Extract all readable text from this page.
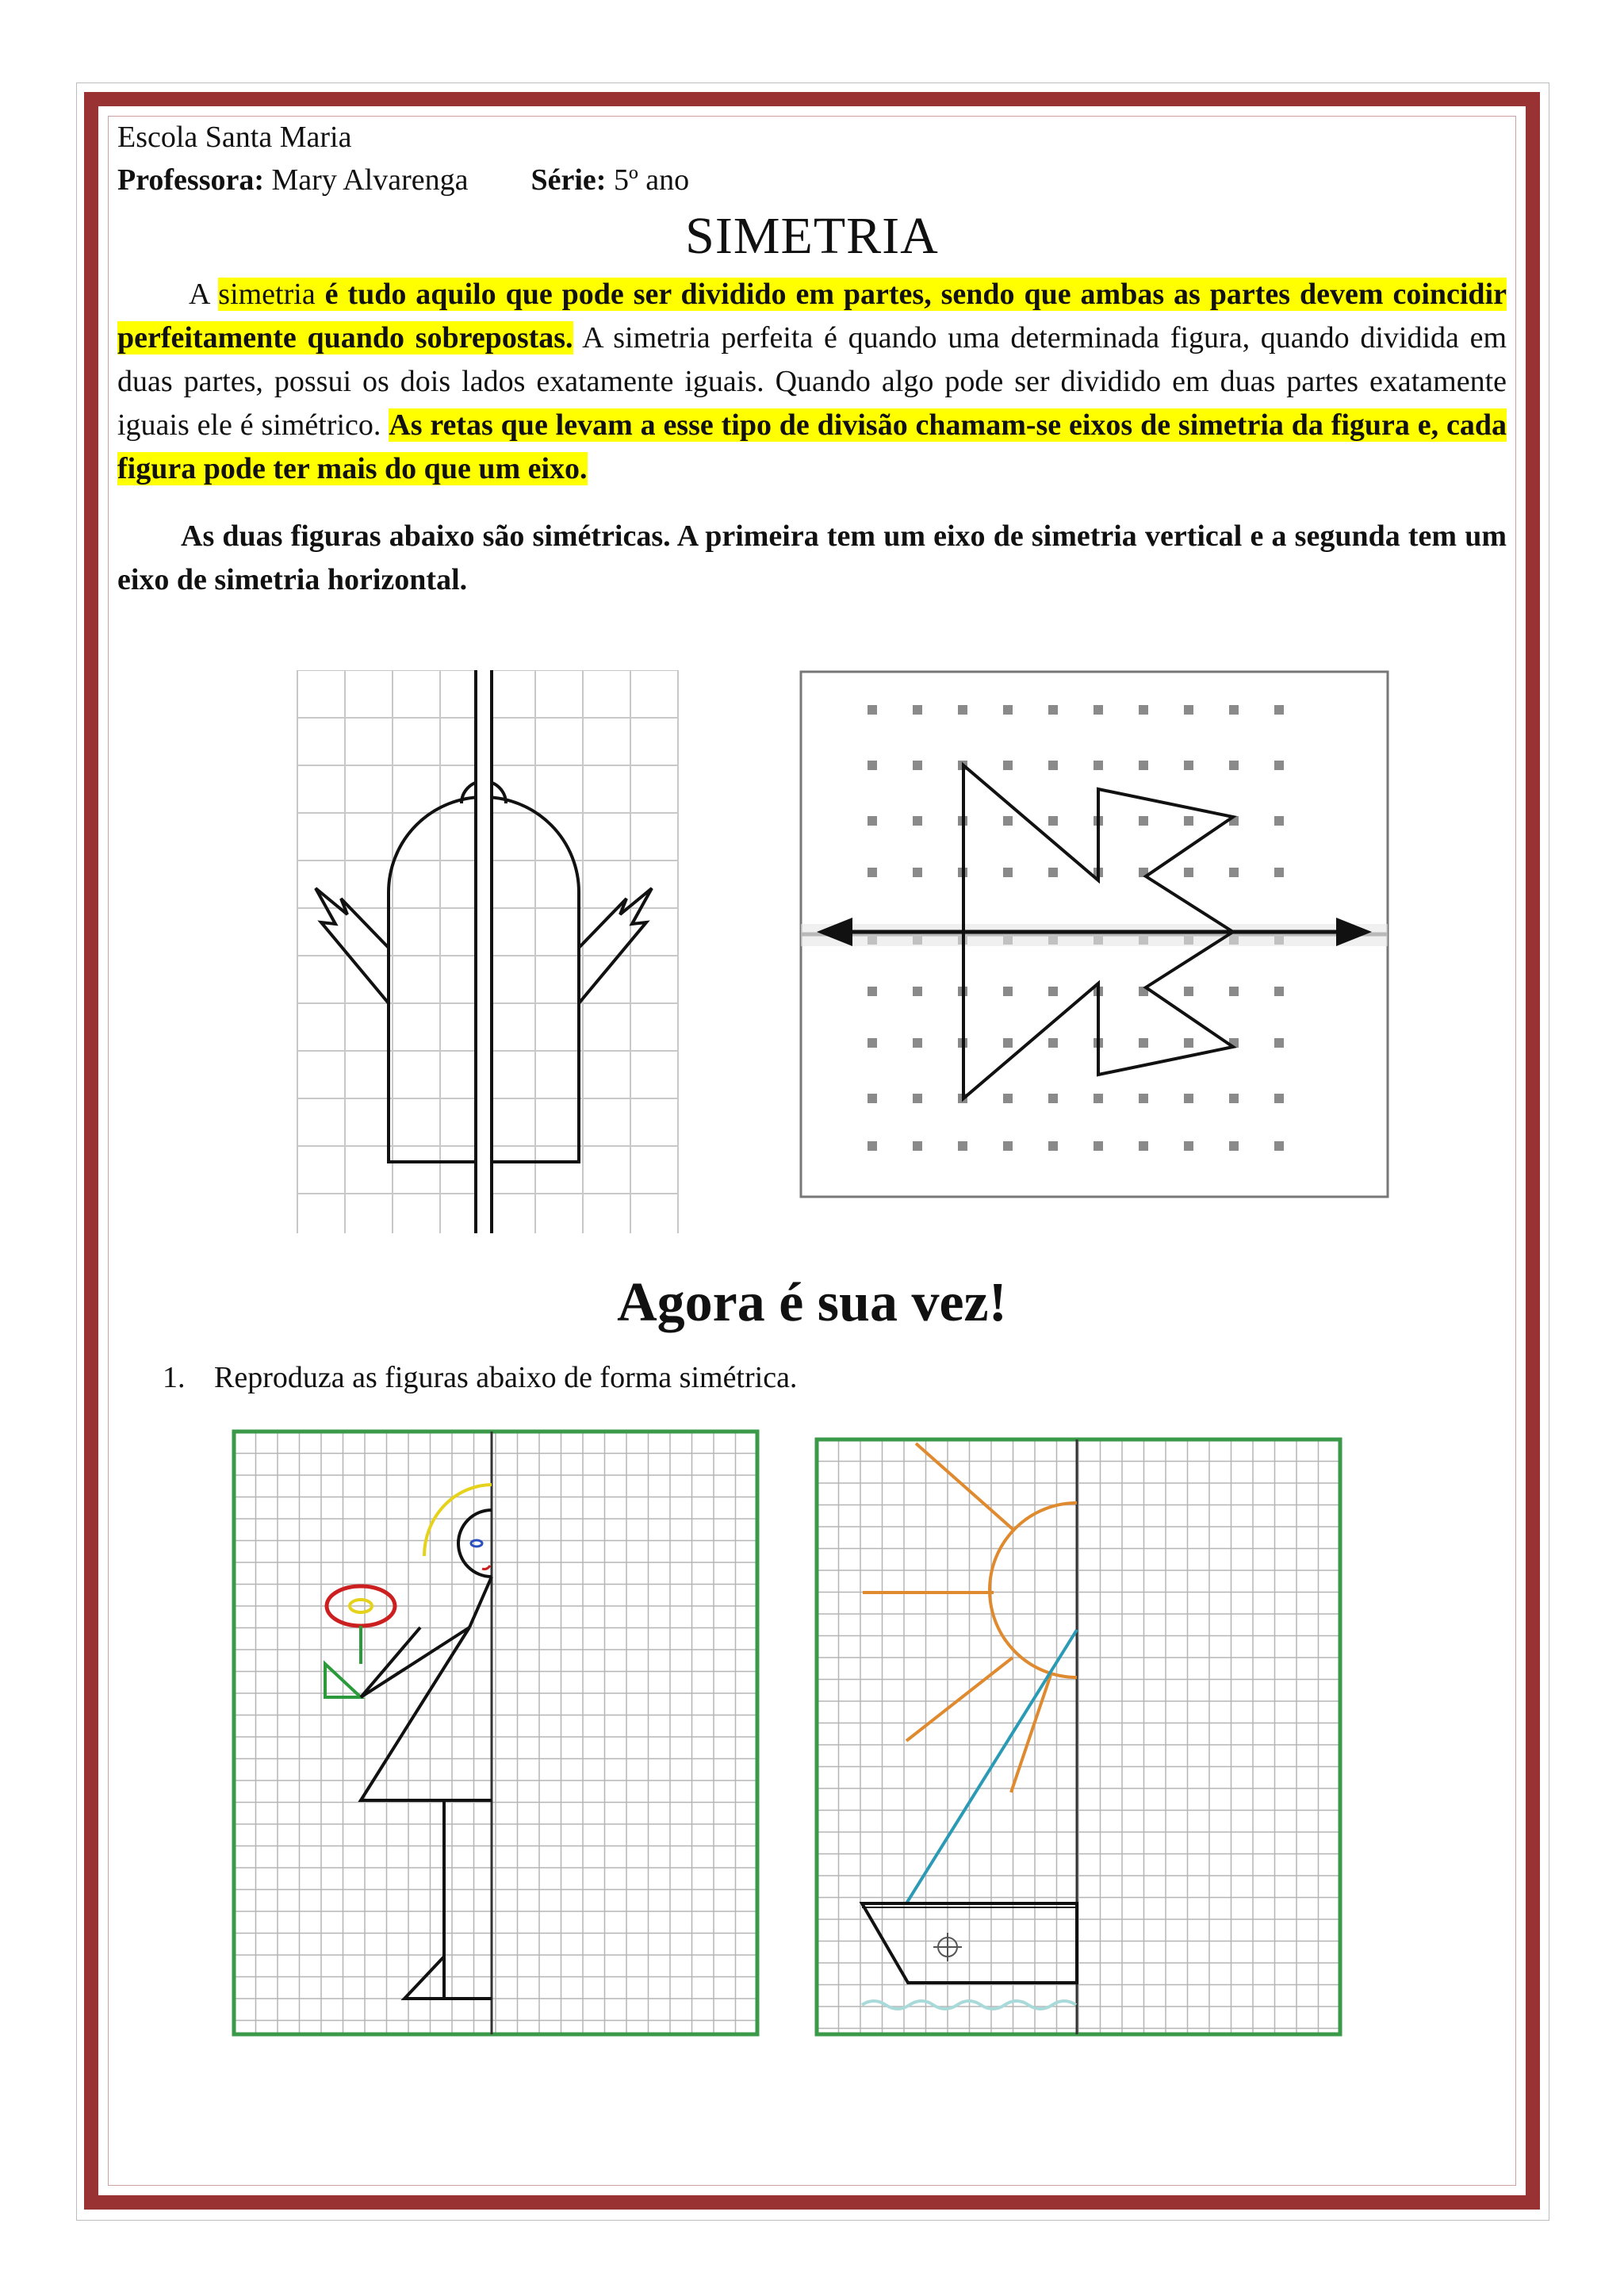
Escola Santa Maria

Professora: Mary Alvarenga Série: 5º ano

SIMETRIA

A simetria é tudo aquilo que pode ser dividido em partes, sendo que ambas as partes devem coincidir perfeitamente quando sobrepostas. A simetria perfeita é quando uma determinada figura, quando dividida em duas partes, possui os dois lados exatamente iguais. Quando algo pode ser dividido em duas partes exatamente iguais ele é simétrico. As retas que levam a esse tipo de divisão chamam-se eixos de simetria da figura e, cada figura pode ter mais do que um eixo.

As duas figuras abaixo são simétricas. A primeira tem um eixo de simetria vertical e a segunda tem um eixo de simetria horizontal.

Agora é sua vez!
1. Reproduza as figuras abaixo de forma simétrica.
